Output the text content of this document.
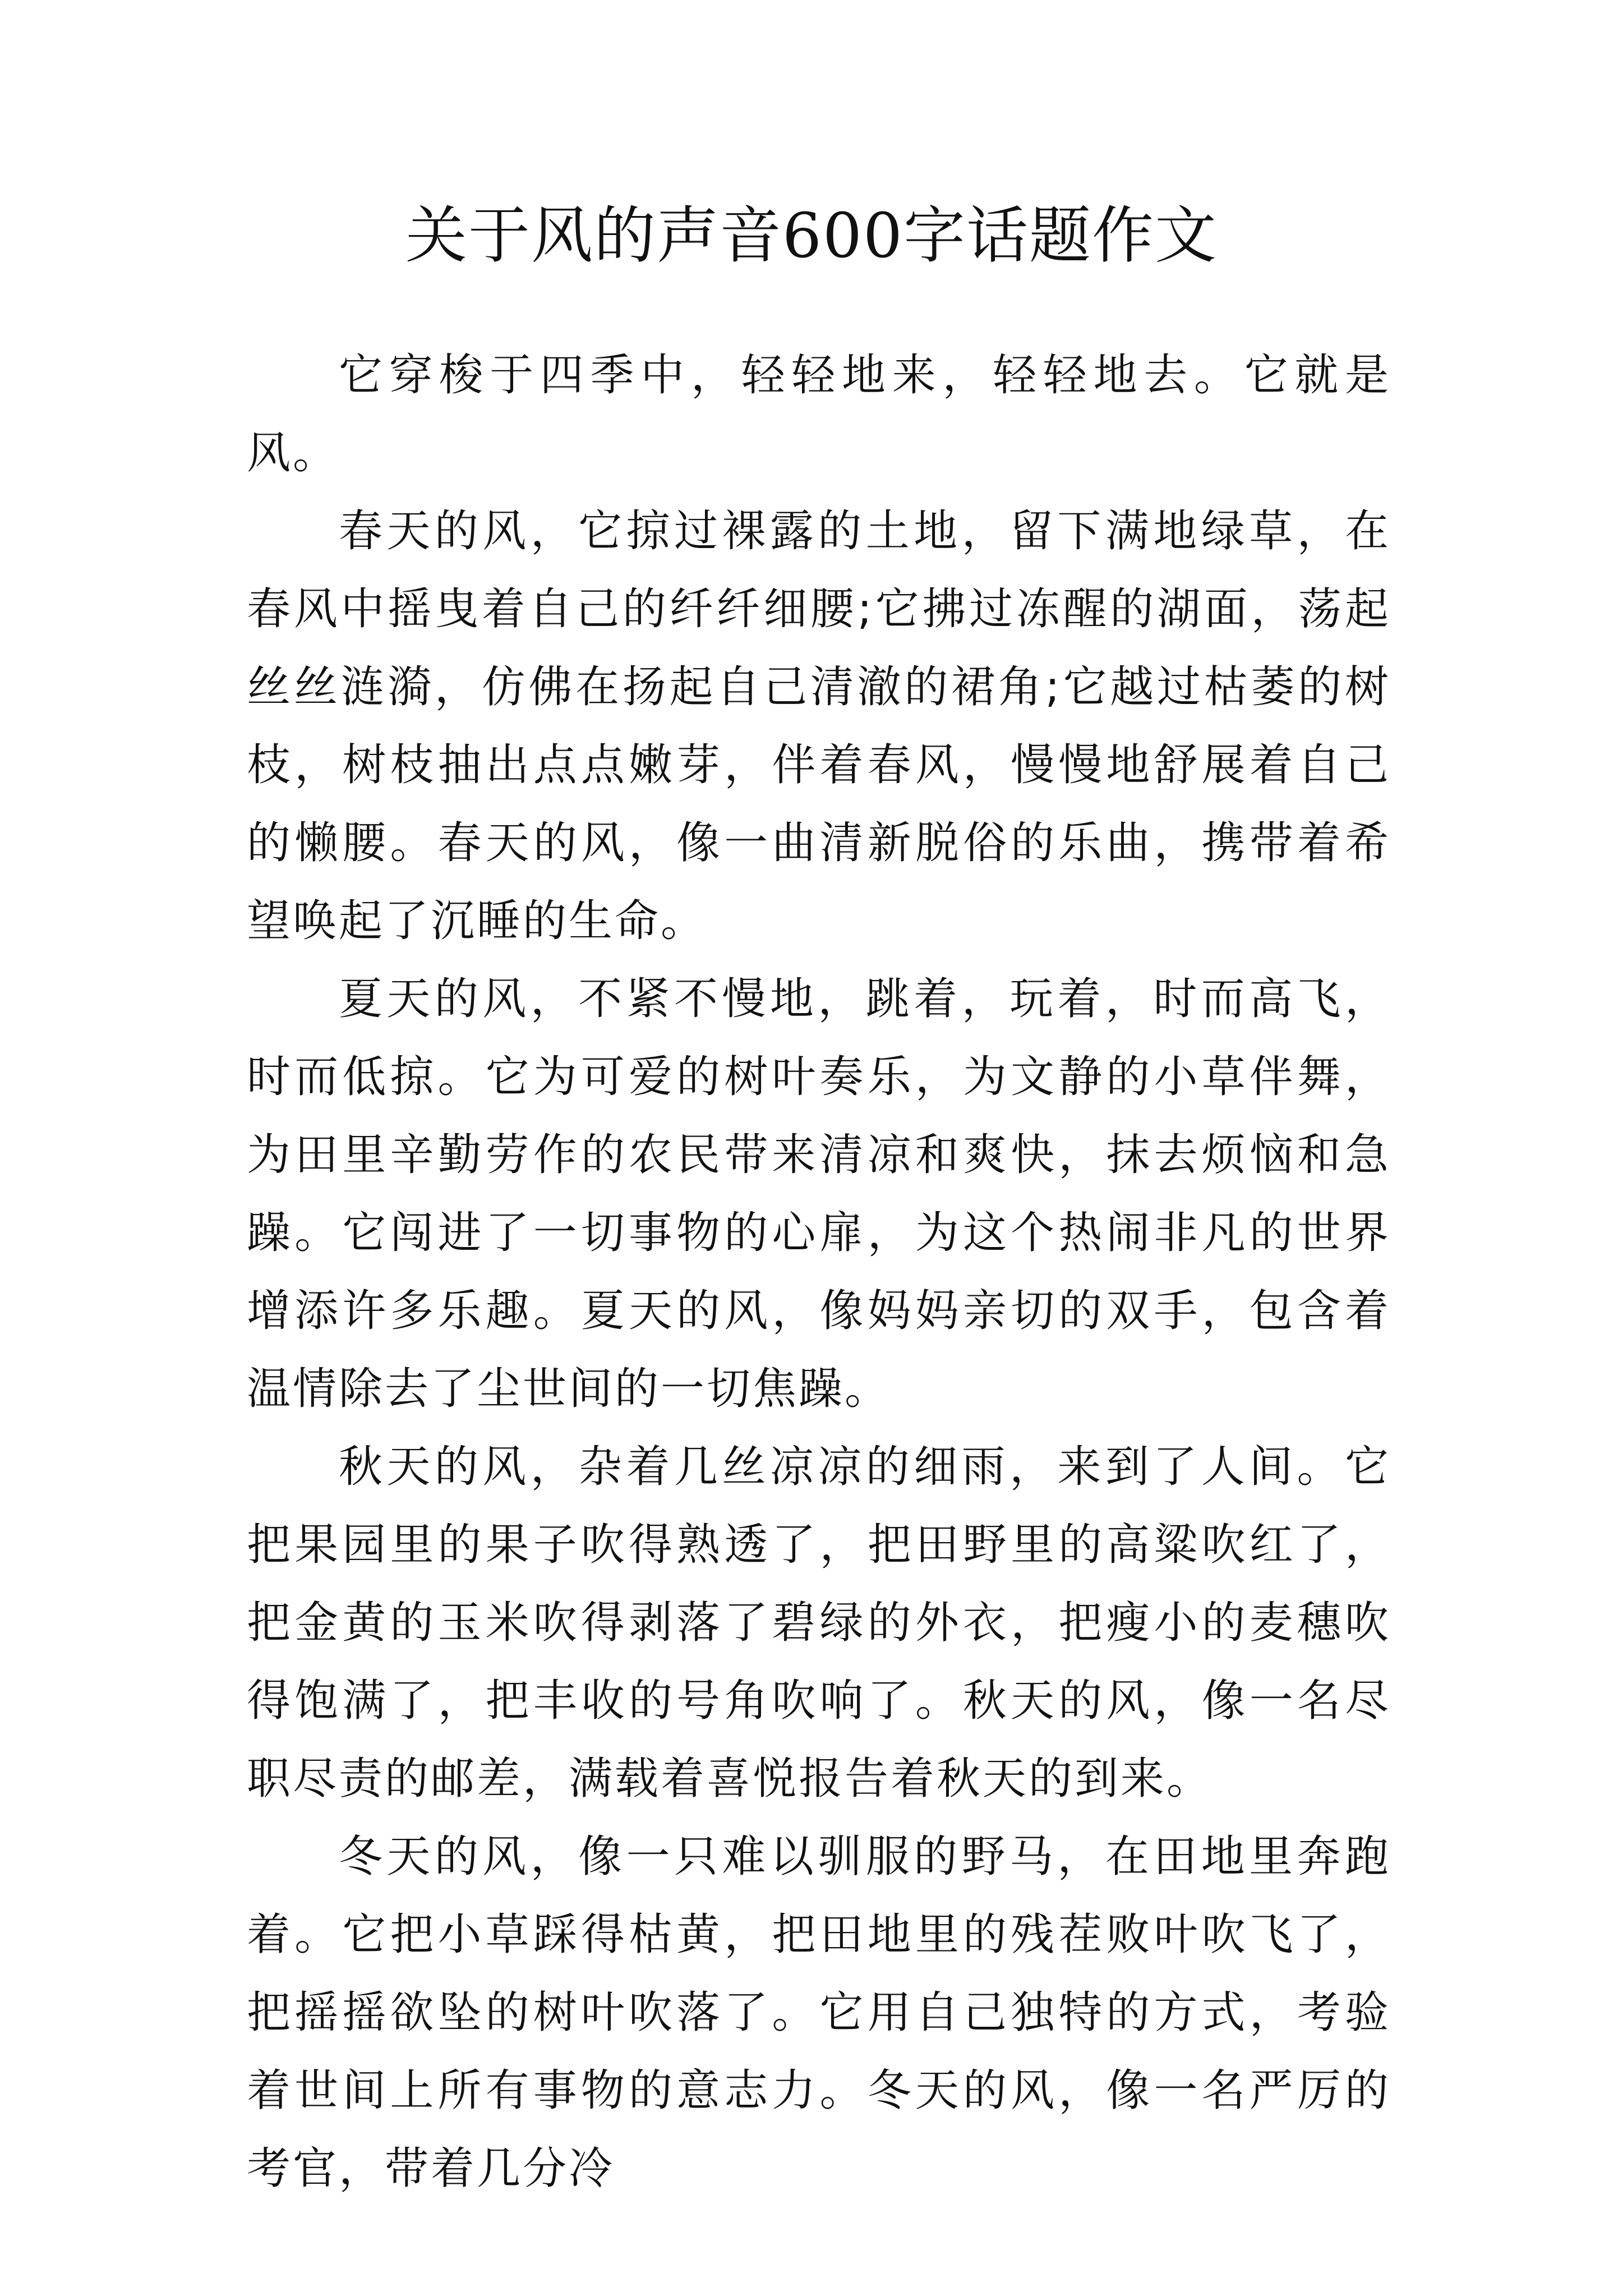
关于风的声音600字话题作文

它穿梭于四季中，轻轻地来，轻轻地去。它就是风。

春天的风，它掠过裸露的土地，留下满地绿草，在春风中摇曳着自己的纤纤细腰;它拂过冻醒的湖面，荡起丝丝涟漪，仿佛在扬起自己清澈的裙角;它越过枯萎的树枝，树枝抽出点点嫩芽，伴着春风，慢慢地舒展着自己的懒腰。春天的风，像一曲清新脱俗的乐曲，携带着希望唤起了沉睡的生命。

夏天的风，不紧不慢地，跳着，玩着，时而高飞，时而低掠。它为可爱的树叶奏乐，为文静的小草伴舞，为田里辛勤劳作的农民带来清凉和爽快，抹去烦恼和急躁。它闯进了一切事物的心扉，为这个热闹非凡的世界增添许多乐趣。夏天的风，像妈妈亲切的双手，包含着温情除去了尘世间的一切焦躁。

秋天的风，杂着几丝凉凉的细雨，来到了人间。它把果园里的果子吹得熟透了，把田野里的高粱吹红了，把金黄的玉米吹得剥落了碧绿的外衣，把瘦小的麦穗吹得饱满了，把丰收的号角吹响了。秋天的风，像一名尽职尽责的邮差，满载着喜悦报告着秋天的到来。

冬天的风，像一只难以驯服的野马，在田地里奔跑着。它把小草踩得枯黄，把田地里的残茬败叶吹飞了，把摇摇欲坠的树叶吹落了。它用自己独特的方式，考验着世间上所有事物的意志力。冬天的风，像一名严厉的考官，带着几分冷
